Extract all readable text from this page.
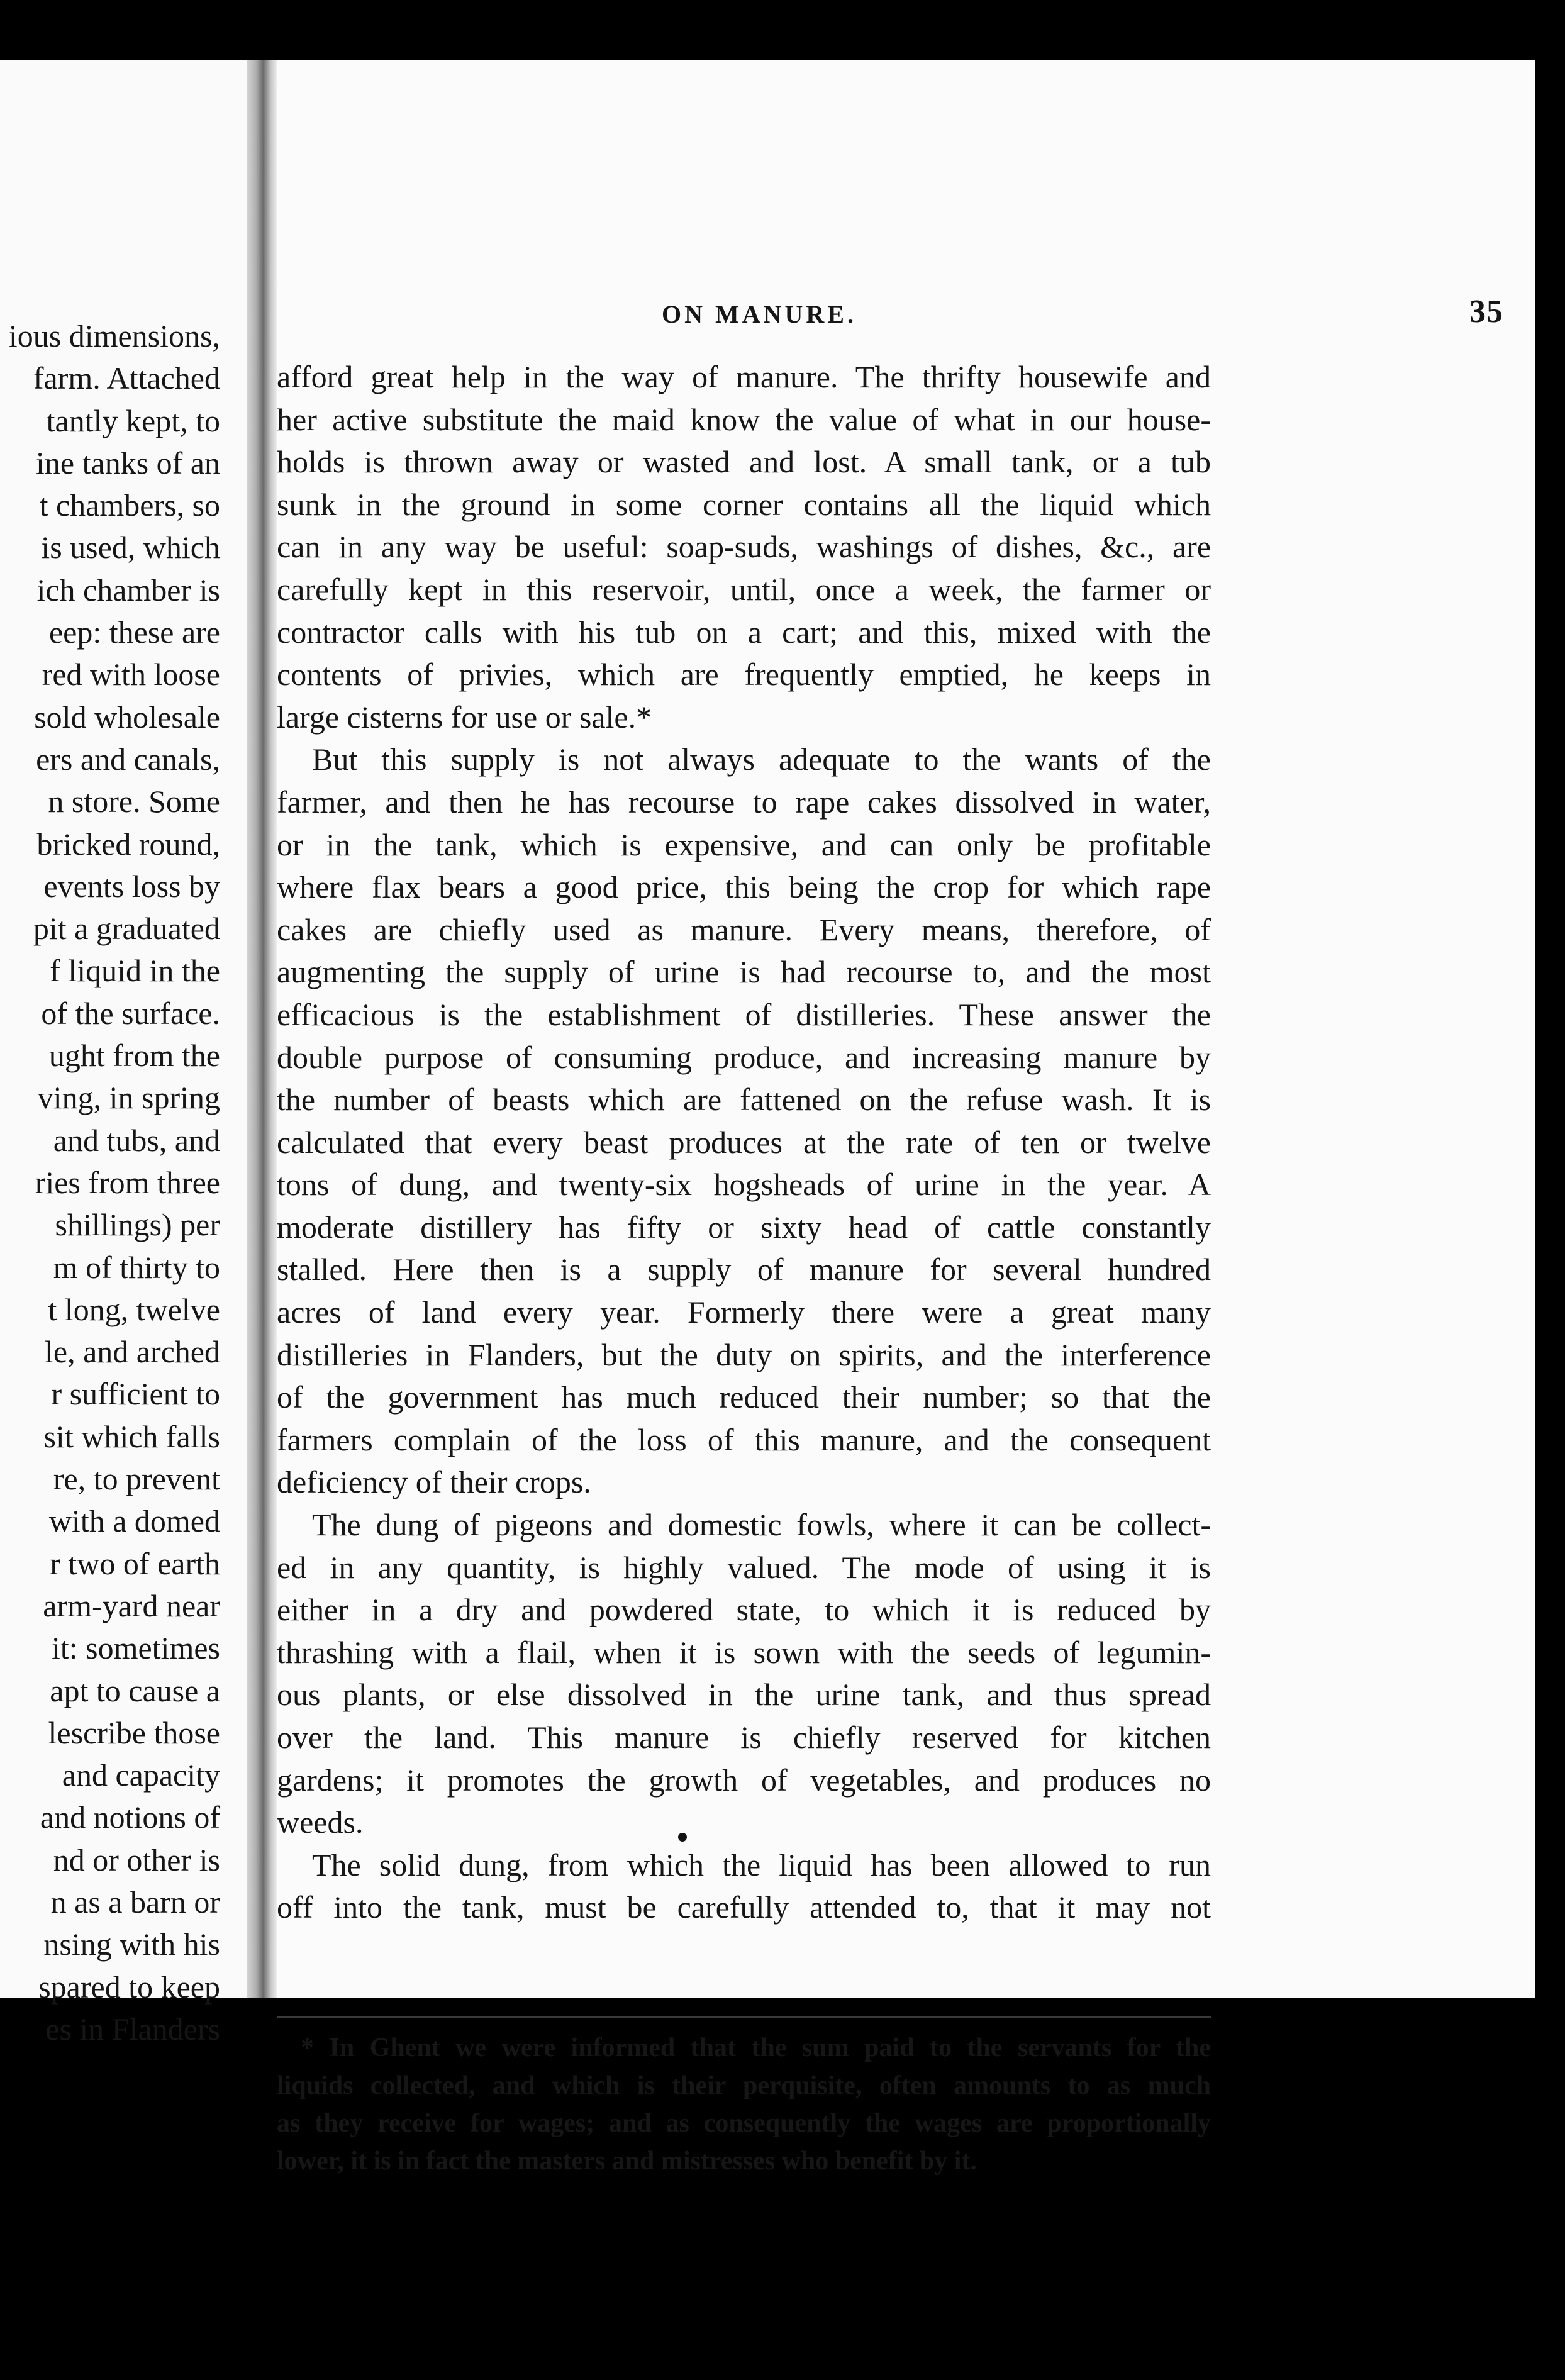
ious dimensions,
farm. Attached
tantly kept, to
ine tanks of an
t chambers, so
is used, which
ich chamber is
eep: these are
red with loose
sold wholesale
ers and canals,
n store. Some
bricked round,
events loss by
pit a graduated
f liquid in the
of the surface.
ught from the
ving, in spring
and tubs, and
ries from three
shillings) per
m of thirty to
t long, twelve
le, and arched
r sufficient to
sit which falls
re, to prevent
with a domed
r two of earth
arm-yard near
it: sometimes
apt to cause a
lescribe those
and capacity
and notions of
nd or other is
n as a barn or
nsing with his
spared to keep
es in Flanders
ON MANURE.	35
afford great help in the way of manure. The thrifty housewife and
her active substitute the maid know the value of what in our house-
holds is thrown away or wasted and lost. A small tank, or a tub
sunk in the ground in some corner contains all the liquid which
can in any way be useful: soap-suds, washings of dishes, &c., are
carefully kept in this reservoir, until, once a week, the farmer or
contractor calls with his tub on a cart; and this, mixed with the
contents of privies, which are frequently emptied, he keeps in
large cisterns for use or sale.*
But this supply is not always adequate to the wants of the
farmer, and then he has recourse to rape cakes dissolved in water,
or in the tank, which is expensive, and can only be profitable
where flax bears a good price, this being the crop for which rape
cakes are chiefly used as manure. Every means, therefore, of
augmenting the supply of urine is had recourse to, and the most
efficacious is the establishment of distilleries. These answer the
double purpose of consuming produce, and increasing manure by
the number of beasts which are fattened on the refuse wash. It is
calculated that every beast produces at the rate of ten or twelve
tons of dung, and twenty-six hogsheads of urine in the year. A
moderate distillery has fifty or sixty head of cattle constantly
stalled. Here then is a supply of manure for several hundred
acres of land every year. Formerly there were a great many
distilleries in Flanders, but the duty on spirits, and the interference
of the government has much reduced their number; so that the
farmers complain of the loss of this manure, and the consequent
deficiency of their crops.
The dung of pigeons and domestic fowls, where it can be collect-
ed in any quantity, is highly valued. The mode of using it is
either in a dry and powdered state, to which it is reduced by
thrashing with a flail, when it is sown with the seeds of legumin-
ous plants, or else dissolved in the urine tank, and thus spread
over the land. This manure is chiefly reserved for kitchen
gardens; it promotes the growth of vegetables, and produces no
weeds.
The solid dung, from which the liquid has been allowed to run
off into the tank, must be carefully attended to, that it may not
* In Ghent we were informed that the sum paid to the servants for the
liquids collected, and which is their perquisite, often amounts to as much
as they receive for wages; and as consequently the wages are proportionally
lower, it is in fact the masters and mistresses who benefit by it.
